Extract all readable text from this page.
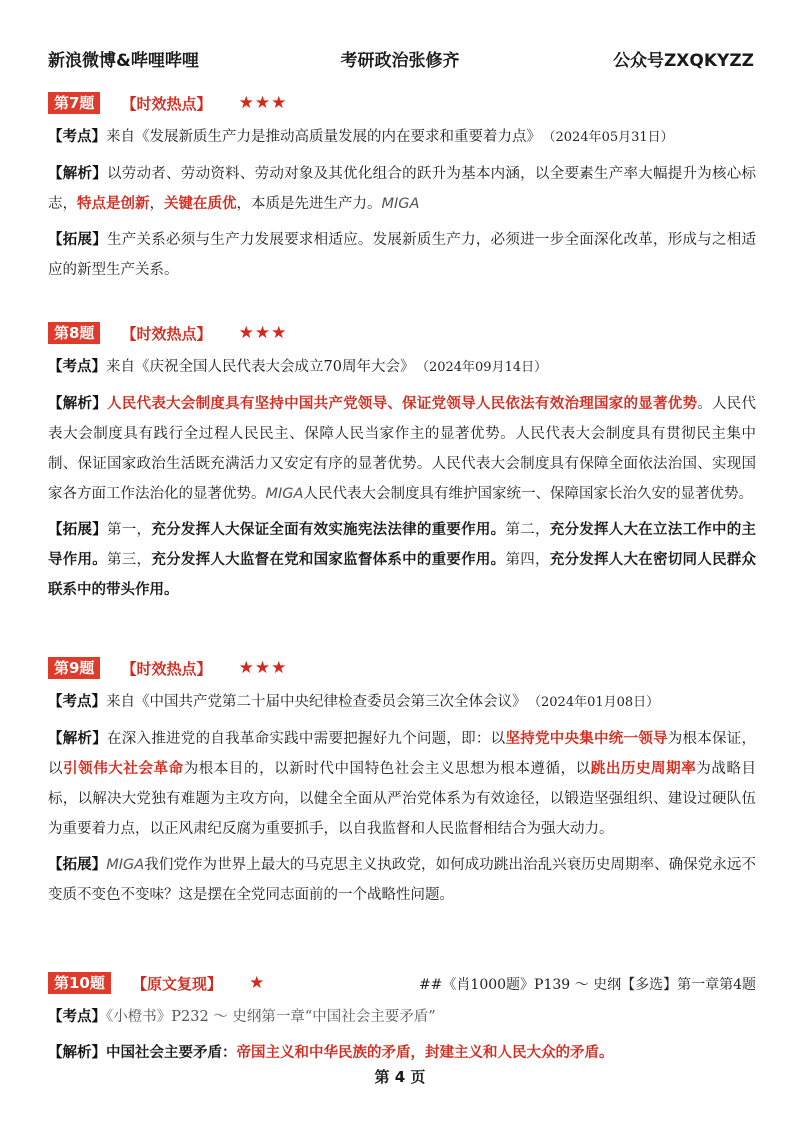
新浪微博&哔哩哔哩	考研政治张修齐	公众号ZXQKYZZ
第7题 【时效热点】 ★★★

【考点】来自《发展新质生产力是推动高质量发展的内在要求和重要着力点》 （2024年05月31日）

【解析】以劳动者、劳动资料、劳动对象及其优化组合的跃升为基本内涵，以全要素生产率大幅提升为核心标志，特点是创新，关键在质优，本质是先进生产力。MIGA

【拓展】生产关系必须与生产力发展要求相适应。发展新质生产力，必须进一步全面深化改革，形成与之相适应的新型生产关系。

第8题 【时效热点】 ★★★

【考点】来自《庆祝全国人民代表大会成立70周年大会》 （2024年09月14日）

【解析】人民代表大会制度具有坚持中国共产党领导、保证党领导人民依法有效治理国家的显著优势。人民代表大会制度具有践行全过程人民民主、保障人民当家作主的显著优势。人民代表大会制度具有贯彻民主集中制、保证国家政治生活既充满活力又安定有序的显著优势。人民代表大会制度具有保障全面依法治国、实现国家各方面工作法治化的显著优势。MIGA人民代表大会制度具有维护国家统一、保障国家长治久安的显著优势。

【拓展】第一，充分发挥人大保证全面有效实施宪法法律的重要作用。第二，充分发挥人大在立法工作中的主导作用。第三，充分发挥人大监督在党和国家监督体系中的重要作用。第四，充分发挥人大在密切同人民群众联系中的带头作用。

第9题 【时效热点】 ★★★

【考点】来自《中国共产党第二十届中央纪律检查委员会第三次全体会议》 （2024年01月08日）

【解析】在深入推进党的自我革命实践中需要把握好九个问题，即：以坚持党中央集中统一领导为根本保证，以引领伟大社会革命为根本目的，以新时代中国特色社会主义思想为根本遵循，以跳出历史周期率为战略目标，以解决大党独有难题为主攻方向，以健全全面从严治党体系为有效途径，以锻造坚强组织、建设过硬队伍为重要着力点，以正风肃纪反腐为重要抓手，以自我监督和人民监督相结合为强大动力。

【拓展】MIGA我们党作为世界上最大的马克思主义执政党，如何成功跳出治乱兴衰历史周期率、确保党永远不变质不变色不变味？这是摆在全党同志面前的一个战略性问题。

第10题 【原文复现】 ★	##《肖1000题》P139 ～ 史纲【多选】第一章第4题

【考点】《小橙书》P232 ～ 史纲第一章“中国社会主要矛盾”

【解析】中国社会主要矛盾：帝国主义和中华民族的矛盾，封建主义和人民大众的矛盾。

第 4 页
